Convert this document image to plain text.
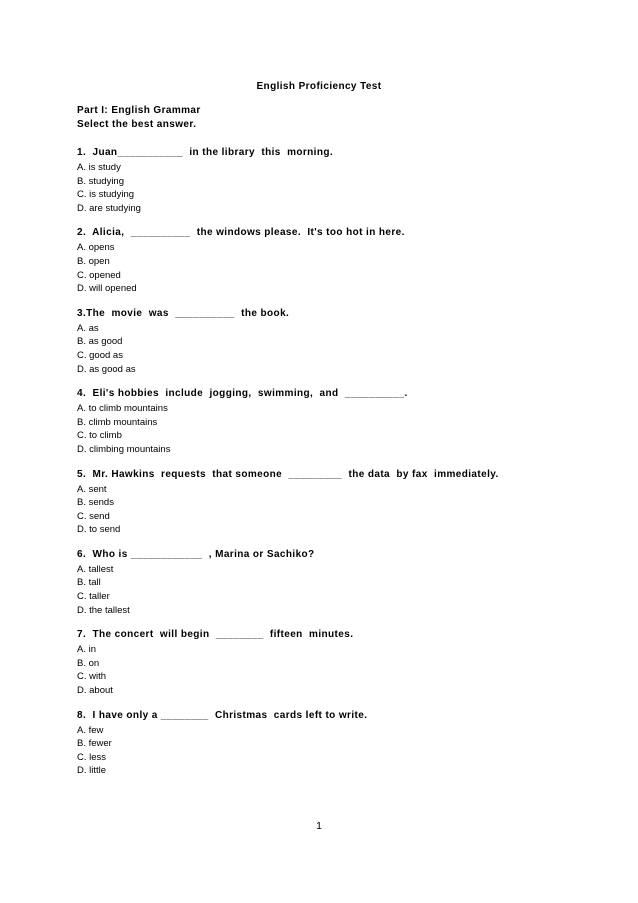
English Proficiency Test
Part I: English Grammar
Select the best answer.
1.  Juan___________  in the library  this  morning.
A. is study
B. studying
C. is studying
D. are studying
2.  Alicia,  __________  the windows please.  It's too hot in here.
A. opens
B. open
C. opened
D. will opened
3.The  movie  was  __________  the book.
A. as
B. as good
C. good as
D. as good as
4.  Eli's hobbies  include  jogging,  swimming,  and  __________.
A. to climb mountains
B. climb mountains
C. to climb
D. climbing mountains
5.  Mr. Hawkins  requests  that someone  _________  the data  by fax  immediately.
A. sent
B. sends
C. send
D. to send
6.  Who is ____________  , Marina or Sachiko?
A. tallest
B. tall
C. taller
D. the tallest
7.  The concert  will begin  ________  fifteen  minutes.
A. in
B. on
C. with
D. about
8.  I have only a ________  Christmas  cards left to write.
A. few
B. fewer
C. less
D. little
1
